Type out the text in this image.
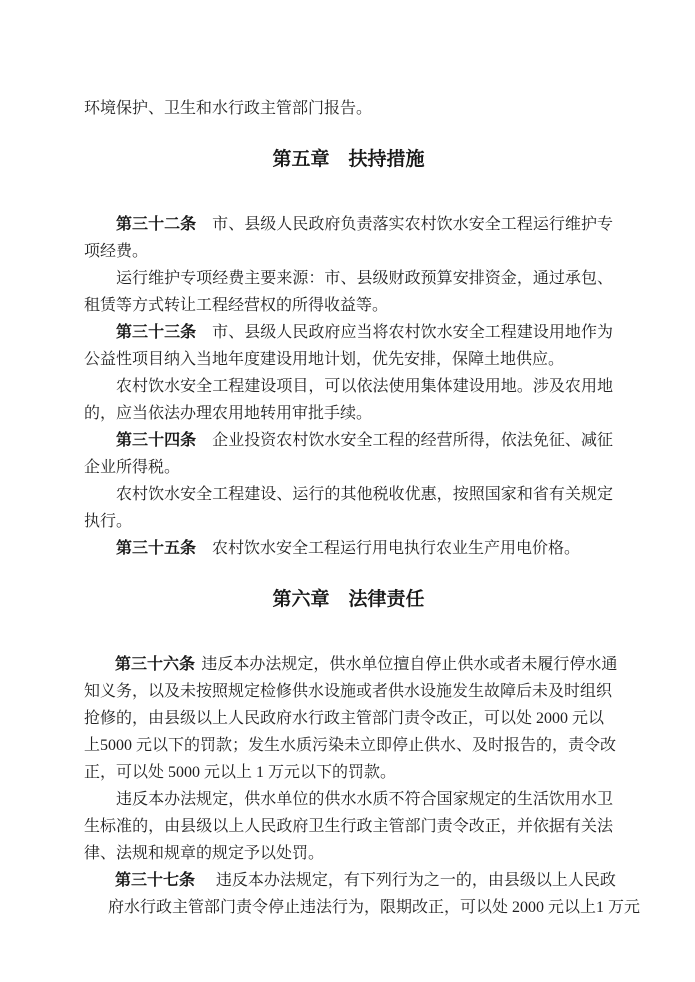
环境保护、卫生和水行政主管部门报告。

第五章　扶持措施

第三十二条 市、县级人民政府负责落实农村饮水安全工程运行维护专项经费。

运行维护专项经费主要来源：市、县级财政预算安排资金，通过承包、租赁等方式转让工程经营权的所得收益等。

第三十三条 市、县级人民政府应当将农村饮水安全工程建设用地作为公益性项目纳入当地年度建设用地计划，优先安排，保障土地供应。

农村饮水安全工程建设项目，可以依法使用集体建设用地。涉及农用地的，应当依法办理农用地转用审批手续。

第三十四条 企业投资农村饮水安全工程的经营所得，依法免征、减征企业所得税。

农村饮水安全工程建设、运行的其他税收优惠，按照国家和省有关规定执行。

第三十五条 农村饮水安全工程运行用电执行农业生产用电价格。

第六章　法律责任

第三十六条 违反本办法规定，供水单位擅自停止供水或者未履行停水通

知义务，以及未按照规定检修供水设施或者供水设施发生故障后未及时组织

抢修的，由县级以上人民政府水行政主管部门责令改正，可以处 2000 元以

上5000 元以下的罚款；发生水质污染未立即停止供水、及时报告的，责令改

正，可以处 5000 元以上 1 万元以下的罚款。

违反本办法规定，供水单位的供水水质不符合国家规定的生活饮用水卫生标准的，由县级以上人民政府卫生行政主管部门责令改正，并依据有关法律、法规和规章的规定予以处罚。

第三十七条 违反本办法规定，有下列行为之一的，由县级以上人民政

府水行政主管部门责令停止违法行为，限期改正，可以处 2000 元以上1 万元
